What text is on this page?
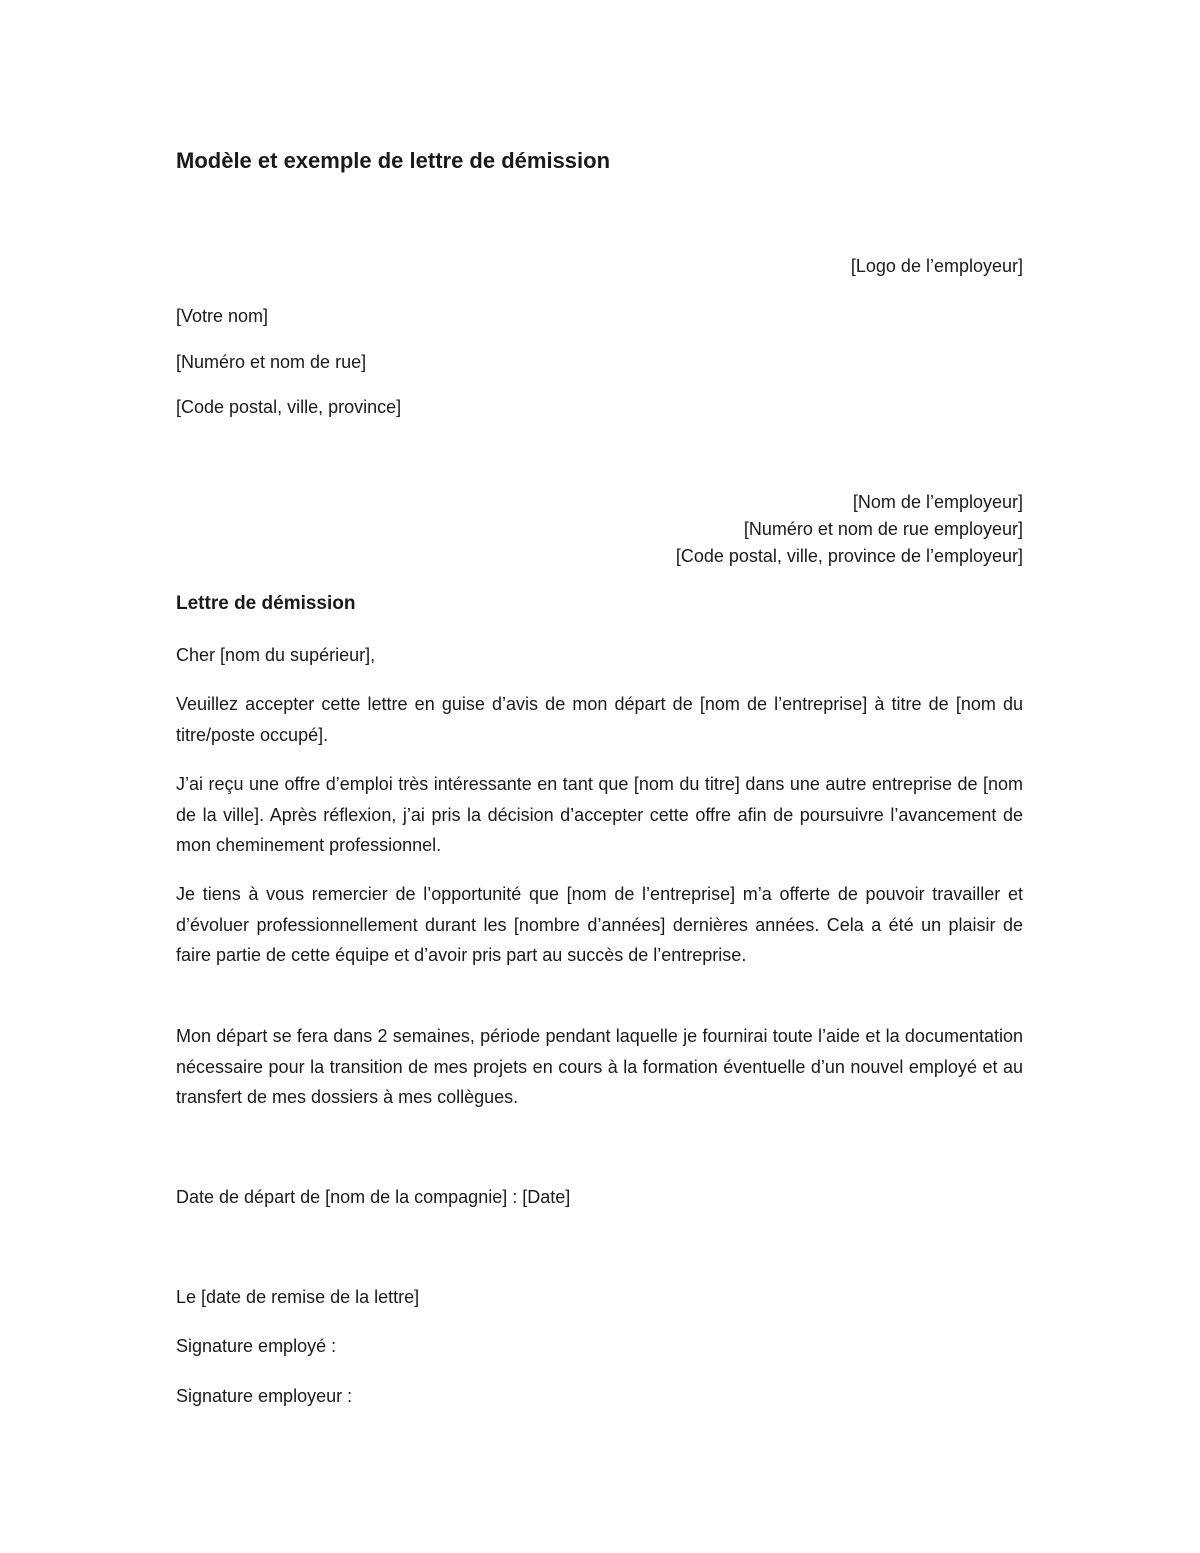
Modèle et exemple de lettre de démission
[Logo de l’employeur]
[Votre nom]
[Numéro et nom de rue]
[Code postal, ville, province]
[Nom de l’employeur]
[Numéro et nom de rue employeur]
[Code postal, ville, province de l’employeur]
Lettre de démission
Cher [nom du supérieur],
Veuillez accepter cette lettre en guise d’avis de mon départ de [nom de l’entreprise] à titre de [nom du titre/poste occupé].
J’ai reçu une offre d’emploi très intéressante en tant que [nom du titre] dans une autre entreprise de [nom de la ville]. Après réflexion, j’ai pris la décision d’accepter cette offre afin de poursuivre l’avancement de mon cheminement professionnel.
Je tiens à vous remercier de l’opportunité que [nom de l’entreprise] m’a offerte de pouvoir travailler et d’évoluer professionnellement durant les [nombre d’années] dernières années. Cela a été un plaisir de faire partie de cette équipe et d’avoir pris part au succès de l’entreprise.
Mon départ se fera dans 2 semaines, période pendant laquelle je fournirai toute l’aide et la documentation nécessaire pour la transition de mes projets en cours à la formation éventuelle d’un nouvel employé et au transfert de mes dossiers à mes collègues.
Date de départ de [nom de la compagnie] : [Date]
Le [date de remise de la lettre]
Signature employé :
Signature employeur :
